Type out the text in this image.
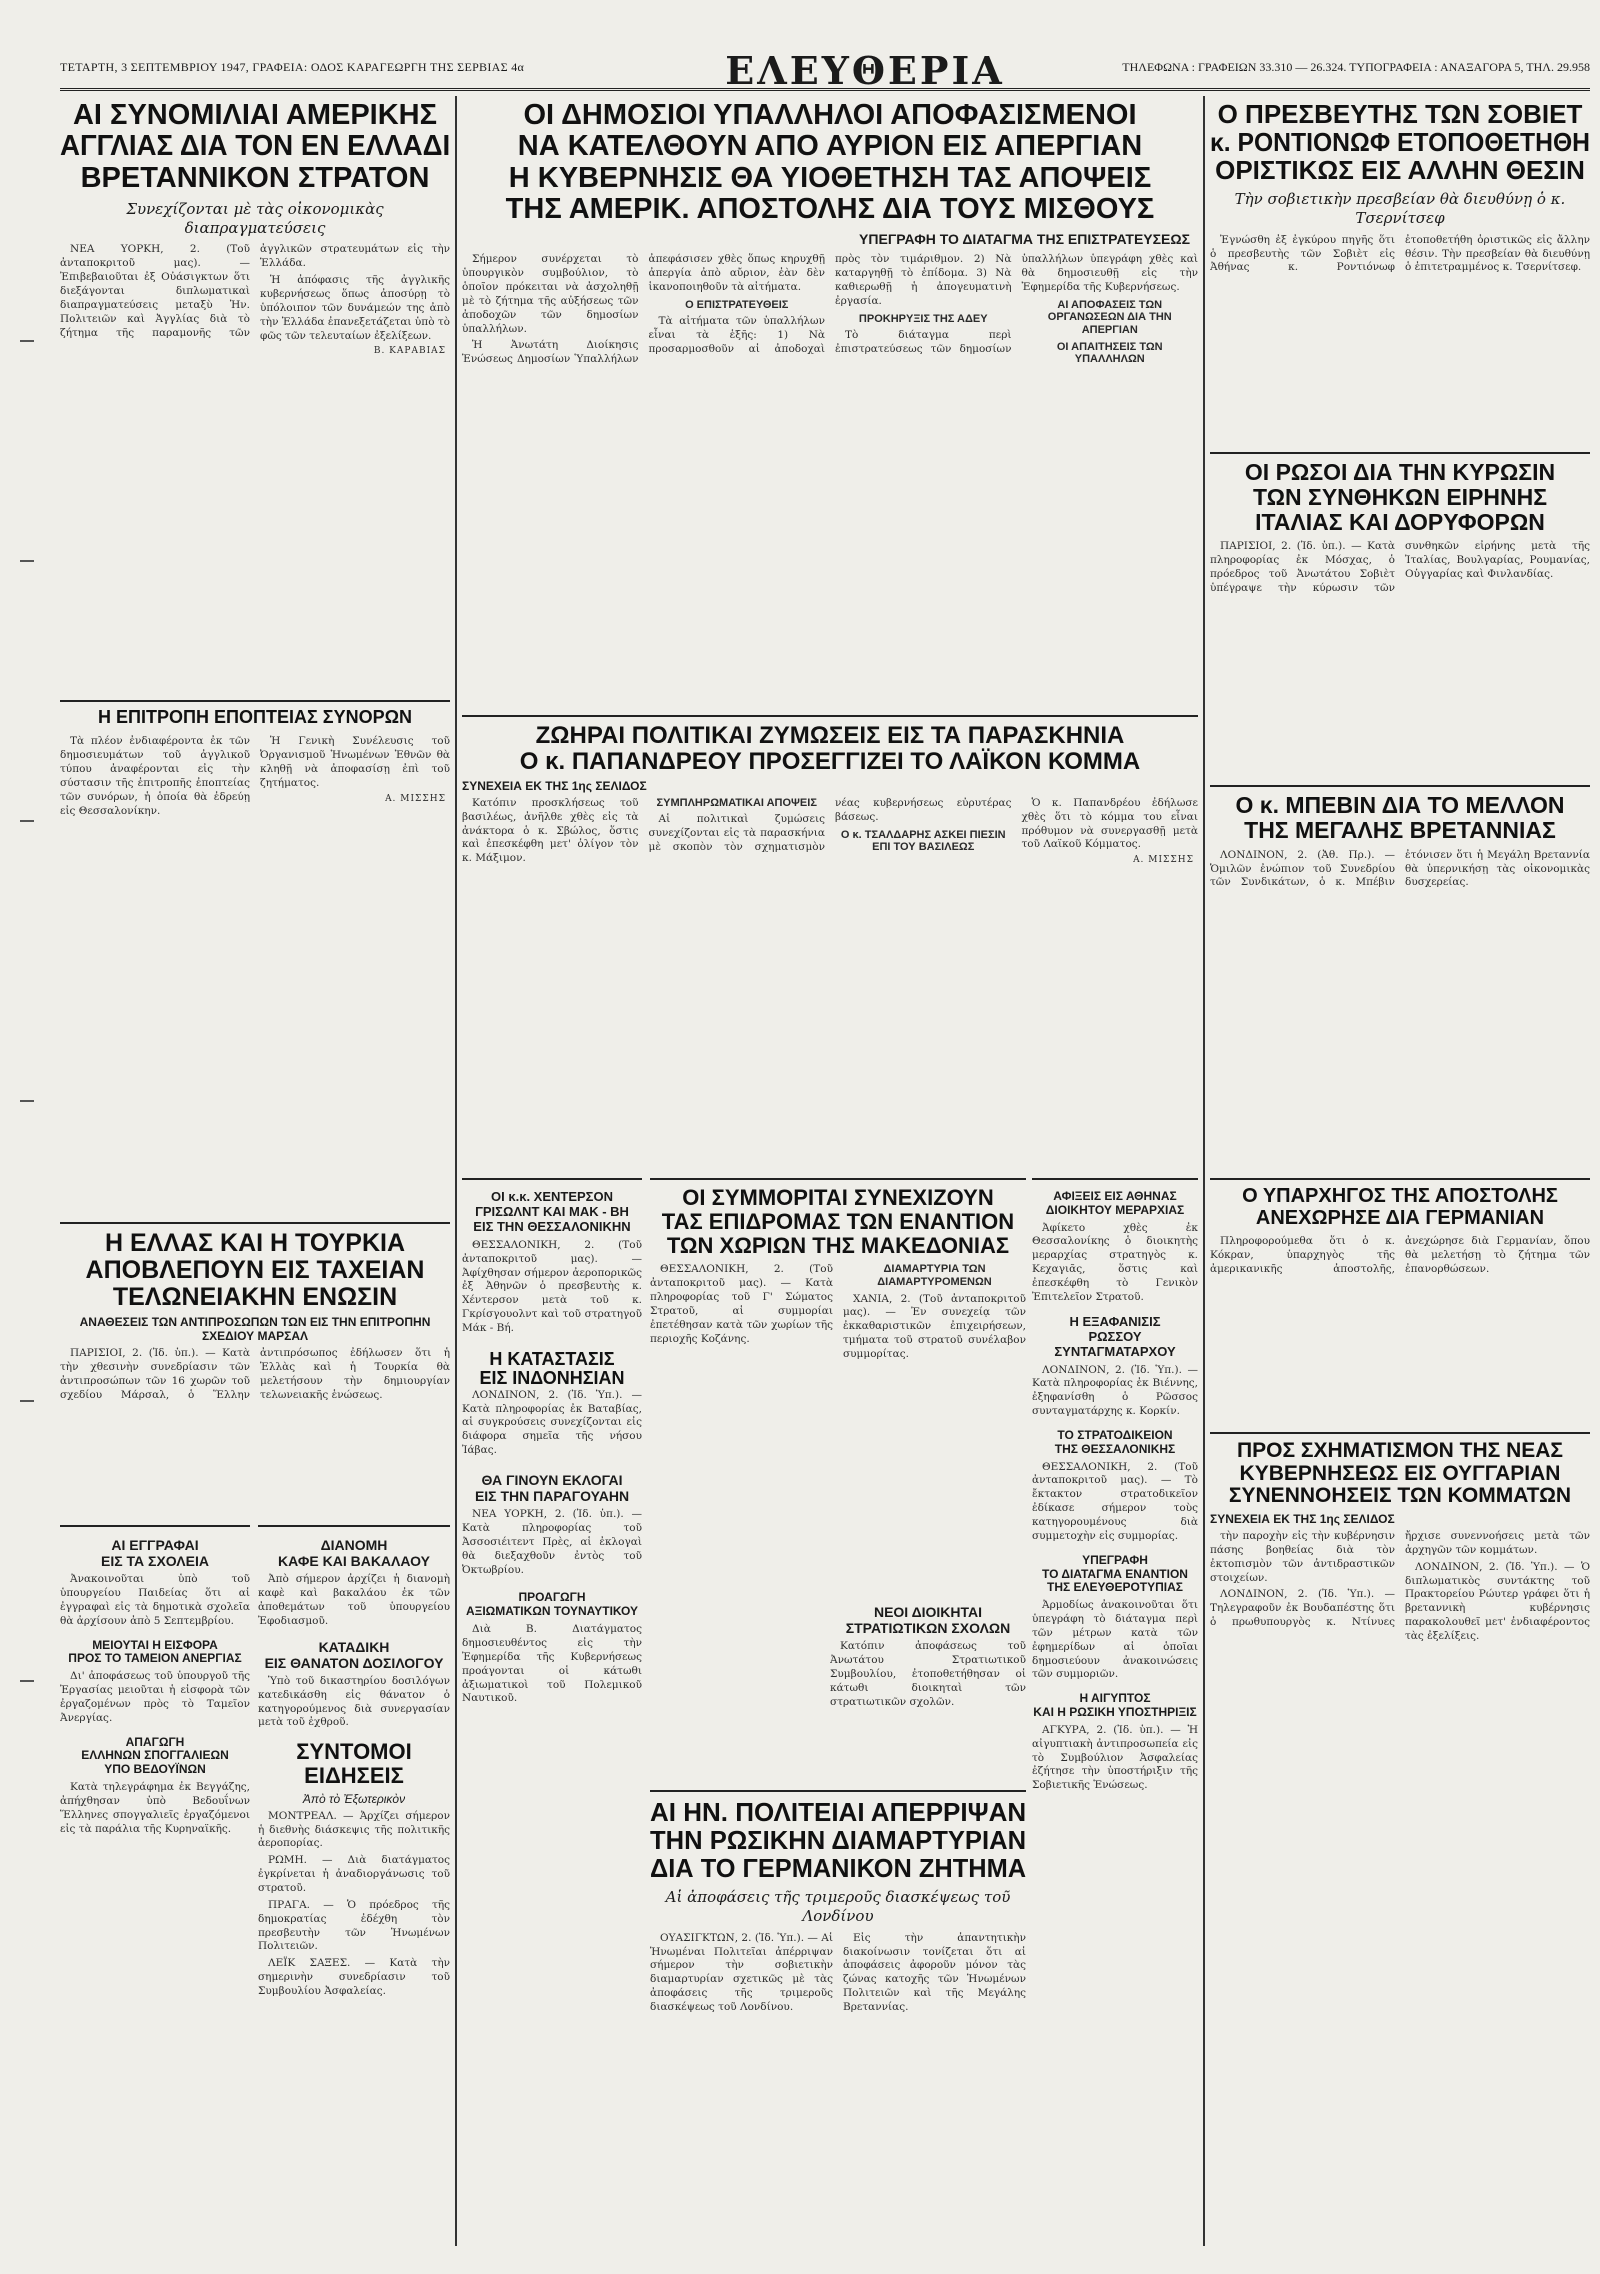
ΤΕΤΑΡΤΗ, 3 ΣΕΠΤΕΜΒΡΙΟΥ 1947, ΓΡΑΦΕΙΑ: ΟΔΟΣ ΚΑΡΑΓΕΩΡΓΗ ΤΗΣ ΣΕΡΒΙΑΣ 4α	ΕΛΕΥΘΕΡΙΑ	ΤΗΛΕΦΩΝΑ : ΓΡΑΦΕΙΩΝ 33.310 — 26.324. ΤΥΠΟΓΡΑΦΕΙΑ : ΑΝΑΞΑΓΟΡΑ 5, ΤΗΛ. 29.958
ΑΙ ΣΥΝΟΜΙΛΙΑΙ ΑΜΕΡΙΚΗΣ
ΑΓΓΛΙΑΣ ΔΙΑ ΤΟΝ ΕΝ ΕΛΛΑΔΙ
ΒΡΕΤΑΝΝΙΚΟΝ ΣΤΡΑΤΟΝ
Συνεχίζονται μὲ τὰς οἰκονομικὰς διαπραγματεύσεις

ΝΕΑ ΥΟΡΚΗ, 2. (Τοῦ ἀνταποκριτοῦ μας). — Ἐπιβεβαιοῦται ἐξ Οὐάσιγκτων ὅτι διεξάγονται διπλωματικαὶ διαπραγματεύσεις μεταξὺ Ἡν. Πολιτειῶν καὶ Ἀγγλίας διὰ τὸ ζήτημα τῆς παραμονῆς τῶν ἀγγλικῶν στρατευμάτων εἰς τὴν Ἑλλάδα.

Ἡ ἀπόφασις τῆς ἀγγλικῆς κυβερνήσεως ὅπως ἀποσύρῃ τὸ ὑπόλοιπον τῶν δυνάμεών της ἀπὸ τὴν Ἑλλάδα ἐπανεξετάζεται ὑπὸ τὸ φῶς τῶν τελευταίων ἐξελίξεων.

Β. ΚΑΡΑΒΙΑΣ
Η ΕΠΙΤΡΟΠΗ ΕΠΟΠΤΕΙΑΣ ΣΥΝΟΡΩΝ

Τὰ πλέον ἐνδιαφέροντα ἐκ τῶν δημοσιευμάτων τοῦ ἀγγλικοῦ τύπου ἀναφέρονται εἰς τὴν σύστασιν τῆς ἐπιτροπῆς ἐποπτείας τῶν συνόρων, ἡ ὁποία θὰ ἐδρεύῃ εἰς Θεσσαλονίκην.

Ἡ Γενικὴ Συνέλευσις τοῦ Ὀργανισμοῦ Ἡνωμένων Ἐθνῶν θὰ κληθῇ νὰ ἀποφασίσῃ ἐπὶ τοῦ ζητήματος.

Α. ΜΙΣΣΗΣ
Η ΕΛΛΑΣ ΚΑΙ Η ΤΟΥΡΚΙΑ
ΑΠΟΒΛΕΠΟΥΝ ΕΙΣ ΤΑΧΕΙΑΝ
ΤΕΛΩΝΕΙΑΚΗΝ ΕΝΩΣΙΝ
ΑΝΑΘΕΣΕΙΣ ΤΩΝ ΑΝΤΙΠΡΟΣΩΠΩΝ ΤΩΝ ΕΙΣ ΤΗΝ ΕΠΙΤΡΟΠΗΝ ΣΧΕΔΙΟΥ ΜΑΡΣΑΛ

ΠΑΡΙΣΙΟΙ, 2. (Ἰδ. ὑπ.). — Κατὰ τὴν χθεσινὴν συνεδρίασιν τῶν ἀντιπροσώπων τῶν 16 χωρῶν τοῦ σχεδίου Μάρσαλ, ὁ Ἕλλην ἀντιπρόσωπος ἐδήλωσεν ὅτι ἡ Ἑλλὰς καὶ ἡ Τουρκία θὰ μελετήσουν τὴν δημιουργίαν τελωνειακῆς ἑνώσεως.

ΑΙ ΕΓΓΡΑΦΑΙ
ΕΙΣ ΤΑ ΣΧΟΛΕΙΑ

Ἀνακοινοῦται ὑπὸ τοῦ ὑπουργείου Παιδείας ὅτι αἱ ἐγγραφαὶ εἰς τὰ δημοτικὰ σχολεῖα θὰ ἀρχίσουν ἀπὸ 5 Σεπτεμβρίου.

ΜΕΙΟΥΤΑΙ Η ΕΙΣΦΟΡΑ
ΠΡΟΣ ΤΟ ΤΑΜΕΙΟΝ ΑΝΕΡΓΙΑΣ

Δι' ἀποφάσεως τοῦ ὑπουργοῦ τῆς Ἐργασίας μειοῦται ἡ εἰσφορὰ τῶν ἐργαζομένων πρὸς τὸ Ταμεῖον Ἀνεργίας.

ΑΠΑΓΩΓΗ
ΕΛΛΗΝΩΝ ΣΠΟΓΓΑΛΙΕΩΝ
ΥΠΟ ΒΕΔΟΥΪΝΩΝ

Κατὰ τηλεγράφημα ἐκ Βεγγάζης, ἀπήχθησαν ὑπὸ Βεδουΐνων Ἕλληνες σπογγαλιεῖς ἐργαζόμενοι εἰς τὰ παράλια τῆς Κυρηναϊκῆς.

ΔΙΑΝΟΜΗ
ΚΑΦΕ ΚΑΙ ΒΑΚΑΛΑΟΥ

Ἀπὸ σήμερον ἀρχίζει ἡ διανομὴ καφὲ καὶ βακαλάου ἐκ τῶν ἀποθεμάτων τοῦ ὑπουργείου Ἐφοδιασμοῦ.

ΚΑΤΑΔΙΚΗ
ΕΙΣ ΘΑΝΑΤΟΝ ΔΟΣΙΛΟΓΟΥ

Ὑπὸ τοῦ δικαστηρίου δοσιλόγων κατεδικάσθη εἰς θάνατον ὁ κατηγορούμενος διὰ συνεργασίαν μετὰ τοῦ ἐχθροῦ.

ΣΥΝΤΟΜΟΙ
ΕΙΔΗΣΕΙΣ
Ἀπὸ τὸ Ἐξωτερικὸν

ΜΟΝΤΡΕΑΛ. — Ἀρχίζει σήμερον ἡ διεθνὴς διάσκεψις τῆς πολιτικῆς ἀεροπορίας.

ΡΩΜΗ. — Διὰ διατάγματος ἐγκρίνεται ἡ ἀναδιοργάνωσις τοῦ στρατοῦ.

ΠΡΑΓΑ. — Ὁ πρόεδρος τῆς δημοκρατίας ἐδέχθη τὸν πρεσβευτὴν τῶν Ἡνωμένων Πολιτειῶν.

ΛΕΪΚ ΣΑΞΕΣ. — Κατὰ τὴν σημερινὴν συνεδρίασιν τοῦ Συμβουλίου Ἀσφαλείας.

ΟΙ ΔΗΜΟΣΙΟΙ ΥΠΑΛΛΗΛΟΙ ΑΠΟΦΑΣΙΣΜΕΝΟΙ
ΝΑ ΚΑΤΕΛΘΟΥΝ ΑΠΟ ΑΥΡΙΟΝ ΕΙΣ ΑΠΕΡΓΙΑΝ
Η ΚΥΒΕΡΝΗΣΙΣ ΘΑ ΥΙΟΘΕΤΗΣΗ ΤΑΣ ΑΠΟΨΕΙΣ
ΤΗΣ ΑΜΕΡΙΚ. ΑΠΟΣΤΟΛΗΣ ΔΙΑ ΤΟΥΣ ΜΙΣΘΟΥΣ
ΥΠΕΓΡΑΦΗ ΤΟ ΔΙΑΤΑΓΜΑ ΤΗΣ ΕΠΙΣΤΡΑΤΕΥΣΕΩΣ

Σήμερον συνέρχεται τὸ ὑπουργικὸν συμβούλιον, τὸ ὁποῖον πρόκειται νὰ ἀσχοληθῇ μὲ τὸ ζήτημα τῆς αὐξήσεως τῶν ἀποδοχῶν τῶν δημοσίων ὑπαλλήλων.

Ἡ Ἀνωτάτη Διοίκησις Ἑνώσεως Δημοσίων Ὑπαλλήλων ἀπεφάσισεν χθὲς ὅπως κηρυχθῇ ἀπεργία ἀπὸ αὔριον, ἐὰν δὲν ἱκανοποιηθοῦν τὰ αἰτήματα.

Ο ΕΠΙΣΤΡΑΤΕΥΘΕΙΣ

Τὰ αἰτήματα τῶν ὑπαλλήλων εἶναι τὰ ἑξῆς: 1) Νὰ προσαρμοσθοῦν αἱ ἀποδοχαὶ πρὸς τὸν τιμάριθμον. 2) Νὰ καταργηθῇ τὸ ἐπίδομα. 3) Νὰ καθιερωθῇ ἡ ἀπογευματινὴ ἐργασία.

ΠΡΟΚΗΡΥΞΙΣ ΤΗΣ ΑΔΕΥ

Τὸ διάταγμα περὶ ἐπιστρατεύσεως τῶν δημοσίων ὑπαλλήλων ὑπεγράφη χθὲς καὶ θὰ δημοσιευθῇ εἰς τὴν Ἐφημερίδα τῆς Κυβερνήσεως.

ΑΙ ΑΠΟΦΑΣΕΙΣ ΤΩΝ ΟΡΓΑΝΩΣΕΩΝ ΔΙΑ ΤΗΝ ΑΠΕΡΓΙΑΝ
ΟΙ ΑΠΑΙΤΗΣΕΙΣ ΤΩΝ ΥΠΑΛΛΗΛΩΝ
ΖΩΗΡΑΙ ΠΟΛΙΤΙΚΑΙ ΖΥΜΩΣΕΙΣ ΕΙΣ ΤΑ ΠΑΡΑΣΚΗΝΙΑ
Ο κ. ΠΑΠΑΝΔΡΕΟΥ ΠΡΟΣΕΓΓΙΖΕΙ ΤΟ ΛΑΪΚΟΝ ΚΟΜΜΑ
ΣΥΝΕΧΕΙΑ ΕΚ ΤΗΣ 1ης ΣΕΛΙΔΟΣ

Κατόπιν προσκλήσεως τοῦ βασιλέως, ἀνῆλθε χθὲς εἰς τὰ ἀνάκτορα ὁ κ. Σβώλος, ὅστις καὶ ἐπεσκέφθη μετ' ὀλίγον τὸν κ. Μάξιμον.

ΣΥΜΠΛΗΡΩΜΑΤΙΚΑΙ ΑΠΟΨΕΙΣ

Αἱ πολιτικαὶ ζυμώσεις συνεχίζονται εἰς τὰ παρασκήνια μὲ σκοπὸν τὸν σχηματισμὸν νέας κυβερνήσεως εὐρυτέρας βάσεως.

Ο κ. ΤΣΑΛΔΑΡΗΣ ΑΣΚΕΙ ΠΙΕΣΙΝ ΕΠΙ ΤΟΥ ΒΑΣΙΛΕΩΣ

Ὁ κ. Παπανδρέου ἐδήλωσε χθὲς ὅτι τὸ κόμμα του εἶναι πρόθυμον νὰ συνεργασθῇ μετὰ τοῦ Λαϊκοῦ Κόμματος.

Α. ΜΙΣΣΗΣ
ΟΙ κ.κ. ΧΕΝΤΕΡΣΟΝ
ΓΡΙΣΩΛΝΤ ΚΑΙ ΜΑΚ - ΒΗ
ΕΙΣ ΤΗΝ ΘΕΣΣΑΛΟΝΙΚΗΝ

ΘΕΣΣΑΛΟΝΙΚΗ, 2. (Τοῦ ἀνταποκριτοῦ μας). — Ἀφίχθησαν σήμερον ἀεροπορικῶς ἐξ Ἀθηνῶν ὁ πρεσβευτὴς κ. Χέντερσον μετὰ τοῦ κ. Γκρίσγουολντ καὶ τοῦ στρατηγοῦ Μάκ - Βή.

Η ΚΑΤΑΣΤΑΣΙΣ
ΕΙΣ ΙΝΔΟΝΗΣΙΑΝ

ΛΟΝΔΙΝΟΝ, 2. (Ἰδ. Ὑπ.). — Κατὰ πληροφορίας ἐκ Βαταβίας, αἱ συγκρούσεις συνεχίζονται εἰς διάφορα σημεῖα τῆς νήσου Ἰάβας.

ΘΑ ΓΙΝΟΥΝ ΕΚΛΟΓΑΙ
ΕΙΣ ΤΗΝ ΠΑΡΑΓΟΥΑΗΝ

ΝΕΑ ΥΟΡΚΗ, 2. (Ἰδ. ὑπ.). — Κατὰ πληροφορίας τοῦ Ἀσσοσιέιτεντ Πρὲς, αἱ ἐκλογαὶ θὰ διεξαχθοῦν ἐντὸς τοῦ Ὀκτωβρίου.

ΠΡΟΑΓΩΓΗ
ΑΞΙΩΜΑΤΙΚΩΝ ΤΟΥΝΑΥΤΙΚΟΥ

Διὰ Β. Διατάγματος δημοσιευθέντος εἰς τὴν Ἐφημερίδα τῆς Κυβερνήσεως προάγονται οἱ κάτωθι ἀξιωματικοὶ τοῦ Πολεμικοῦ Ναυτικοῦ.

ΟΙ ΣΥΜΜΟΡΙΤΑΙ ΣΥΝΕΧΙΖΟΥΝ
ΤΑΣ ΕΠΙΔΡΟΜΑΣ ΤΩΝ ΕΝΑΝΤΙΟΝ
ΤΩΝ ΧΩΡΙΩΝ ΤΗΣ ΜΑΚΕΔΟΝΙΑΣ

ΘΕΣΣΑΛΟΝΙΚΗ, 2. (Τοῦ ἀνταποκριτοῦ μας). — Κατὰ πληροφορίας τοῦ Γ' Σώματος Στρατοῦ, αἱ συμμορίαι ἐπετέθησαν κατὰ τῶν χωρίων τῆς περιοχῆς Κοζάνης.

ΔΙΑΜΑΡΤΥΡΙΑ ΤΩΝ ΔΙΑΜΑΡΤΥΡΟΜΕΝΩΝ

ΧΑΝΙΑ, 2. (Τοῦ ἀνταποκριτοῦ μας). — Ἐν συνεχείᾳ τῶν ἐκκαθαριστικῶν ἐπιχειρήσεων, τμήματα τοῦ στρατοῦ συνέλαβον συμμορίτας.

ΝΕΟΙ ΔΙΟΙΚΗΤΑΙ
ΣΤΡΑΤΙΩΤΙΚΩΝ ΣΧΟΛΩΝ

Κατόπιν ἀποφάσεως τοῦ Ἀνωτάτου Στρατιωτικοῦ Συμβουλίου, ἐτοποθετήθησαν οἱ κάτωθι διοικηταὶ τῶν στρατιωτικῶν σχολῶν.

ΑΙ ΗΝ. ΠΟΛΙΤΕΙΑΙ ΑΠΕΡΡΙΨΑΝ
ΤΗΝ ΡΩΣΙΚΗΝ ΔΙΑΜΑΡΤΥΡΙΑΝ
ΔΙΑ ΤΟ ΓΕΡΜΑΝΙΚΟΝ ΖΗΤΗΜΑ
Αἱ ἀποφάσεις τῆς τριμεροῦς διασκέψεως τοῦ Λονδίνου

ΟΥΑΣΙΓΚΤΩΝ, 2. (Ἰδ. Ὑπ.). — Αἱ Ἡνωμέναι Πολιτεῖαι ἀπέρριψαν σήμερον τὴν σοβιετικὴν διαμαρτυρίαν σχετικῶς μὲ τὰς ἀποφάσεις τῆς τριμεροῦς διασκέψεως τοῦ Λονδίνου.

Εἰς τὴν ἀπαντητικὴν διακοίνωσιν τονίζεται ὅτι αἱ ἀποφάσεις ἀφοροῦν μόνον τὰς ζώνας κατοχῆς τῶν Ἡνωμένων Πολιτειῶν καὶ τῆς Μεγάλης Βρεταννίας.

ΑΦΙΞΕΙΣ ΕΙΣ ΑΘΗΝΑΣ
ΔΙΟΙΚΗΤΟΥ ΜΕΡΑΡΧΙΑΣ

Ἀφίκετο χθὲς ἐκ Θεσσαλονίκης ὁ διοικητὴς μεραρχίας στρατηγὸς κ. Κεχαγιᾶς, ὅστις καὶ ἐπεσκέφθη τὸ Γενικὸν Ἐπιτελεῖον Στρατοῦ.

Η ΕΞΑΦΑΝΙΣΙΣ
ΡΩΣΣΟΥ ΣΥΝΤΑΓΜΑΤΑΡΧΟΥ

ΛΟΝΔΙΝΟΝ, 2. (Ἰδ. Ὑπ.). — Κατὰ πληροφορίας ἐκ Βιέννης, ἐξηφανίσθη ὁ Ρῶσσος συνταγματάρχης κ. Κορκίν.

ΤΟ ΣΤΡΑΤΟΔΙΚΕΙΟΝ
ΤΗΣ ΘΕΣΣΑΛΟΝΙΚΗΣ

ΘΕΣΣΑΛΟΝΙΚΗ, 2. (Τοῦ ἀνταποκριτοῦ μας). — Τὸ ἔκτακτον στρατοδικεῖον ἐδίκασε σήμερον τοὺς κατηγορουμένους διὰ συμμετοχὴν εἰς συμμορίας.

ΥΠΕΓΡΑΦΗ
ΤΟ ΔΙΑΤΑΓΜΑ ΕΝΑΝΤΙΟΝ
ΤΗΣ ΕΛΕΥΘΕΡΟΤΥΠΙΑΣ

Ἀρμοδίως ἀνακοινοῦται ὅτι ὑπεγράφη τὸ διάταγμα περὶ τῶν μέτρων κατὰ τῶν ἐφημερίδων αἱ ὁποῖαι δημοσιεύουν ἀνακοινώσεις τῶν συμμοριῶν.

Η ΑΙΓΥΠΤΟΣ
ΚΑΙ Η ΡΩΣΙΚΗ ΥΠΟΣΤΗΡΙΞΙΣ

ΑΓΚΥΡΑ, 2. (Ἰδ. ὑπ.). — Ἡ αἰγυπτιακὴ ἀντιπροσωπεία εἰς τὸ Συμβούλιον Ἀσφαλείας ἐζήτησε τὴν ὑποστήριξιν τῆς Σοβιετικῆς Ἑνώσεως.

Ο ΠΡΕΣΒΕΥΤΗΣ ΤΩΝ ΣΟΒΙΕΤ
κ. ΡΟΝΤΙΟΝΩΦ ΕΤΟΠΟΘΕΤΗΘΗ
ΟΡΙΣΤΙΚΩΣ ΕΙΣ ΑΛΛΗΝ ΘΕΣΙΝ
Τὴν σοβιετικὴν πρεσβείαν θὰ διευθύνῃ ὁ κ. Τσερνίτσεφ

Ἐγνώσθη ἐξ ἐγκύρου πηγῆς ὅτι ὁ πρεσβευτὴς τῶν Σοβιὲτ εἰς Ἀθήνας κ. Ροντιόνωφ ἐτοποθετήθη ὁριστικῶς εἰς ἄλλην θέσιν. Τὴν πρεσβείαν θὰ διευθύνῃ ὁ ἐπιτετραμμένος κ. Τσερνίτσεφ.

ΟΙ ΡΩΣΟΙ ΔΙΑ ΤΗΝ ΚΥΡΩΣΙΝ
ΤΩΝ ΣΥΝΘΗΚΩΝ ΕΙΡΗΝΗΣ
ΙΤΑΛΙΑΣ ΚΑΙ ΔΟΡΥΦΟΡΩΝ

ΠΑΡΙΣΙΟΙ, 2. (Ἰδ. ὑπ.). — Κατὰ πληροφορίας ἐκ Μόσχας, ὁ πρόεδρος τοῦ Ἀνωτάτου Σοβιὲτ ὑπέγραψε τὴν κύρωσιν τῶν συνθηκῶν εἰρήνης μετὰ τῆς Ἰταλίας, Βουλγαρίας, Ρουμανίας, Οὑγγαρίας καὶ Φινλανδίας.

Ο κ. ΜΠΕΒΙΝ ΔΙΑ ΤΟ ΜΕΛΛΟΝ
ΤΗΣ ΜΕΓΑΛΗΣ ΒΡΕΤΑΝΝΙΑΣ

ΛΟΝΔΙΝΟΝ, 2. (Ἀθ. Πρ.). — Ὁμιλῶν ἐνώπιον τοῦ Συνεδρίου τῶν Συνδικάτων, ὁ κ. Μπέβιν ἐτόνισεν ὅτι ἡ Μεγάλη Βρεταννία θὰ ὑπερνικήσῃ τὰς οἰκονομικὰς δυσχερείας.

Ο ΥΠΑΡΧΗΓΟΣ ΤΗΣ ΑΠΟΣΤΟΛΗΣ
ΑΝΕΧΩΡΗΣΕ ΔΙΑ ΓΕΡΜΑΝΙΑΝ

Πληροφορούμεθα ὅτι ὁ κ. Κόκραν, ὑπαρχηγὸς τῆς ἀμερικανικῆς ἀποστολῆς, ἀνεχώρησε διὰ Γερμανίαν, ὅπου θὰ μελετήσῃ τὸ ζήτημα τῶν ἐπανορθώσεων.

ΠΡΟΣ ΣΧΗΜΑΤΙΣΜΟΝ ΤΗΣ ΝΕΑΣ
ΚΥΒΕΡΝΗΣΕΩΣ ΕΙΣ ΟΥΓΓΑΡΙΑΝ
ΣΥΝΕΝΝΟΗΣΕΙΣ ΤΩΝ ΚΟΜΜΑΤΩΝ
ΣΥΝΕΧΕΙΑ ΕΚ ΤΗΣ 1ης ΣΕΛΙΔΟΣ

τὴν παροχὴν εἰς τὴν κυβέρνησιν πάσης βοηθείας διὰ τὸν ἐκτοπισμὸν τῶν ἀντιδραστικῶν στοιχείων.

ΛΟΝΔΙΝΟΝ, 2. (Ἰδ. Ὑπ.). — Τηλεγραφοῦν ἐκ Βουδαπέστης ὅτι ὁ πρωθυπουργὸς κ. Ντίνυες ἤρχισε συνεννοήσεις μετὰ τῶν ἀρχηγῶν τῶν κομμάτων.

ΛΟΝΔΙΝΟΝ, 2. (Ἰδ. Ὑπ.). — Ὁ διπλωματικὸς συντάκτης τοῦ Πρακτορείου Ρώυτερ γράφει ὅτι ἡ βρεταννικὴ κυβέρνησις παρακολουθεῖ μετ' ἐνδιαφέροντος τὰς ἐξελίξεις.
